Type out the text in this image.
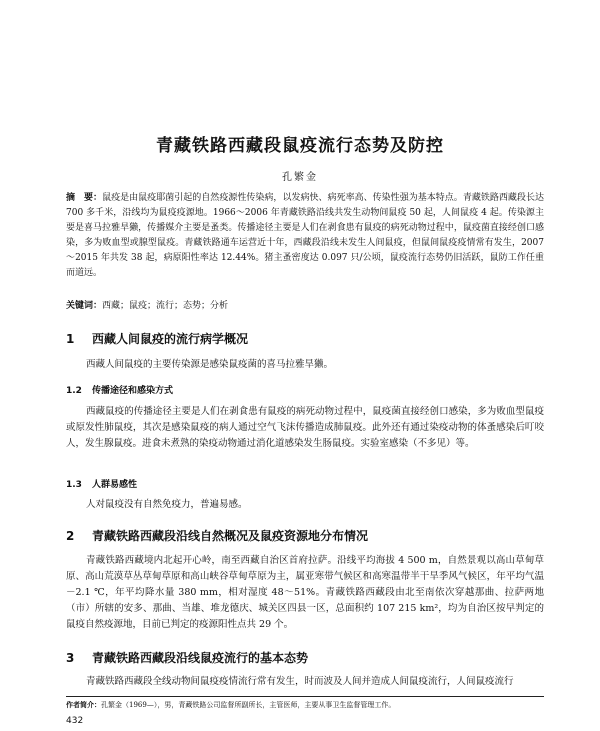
青藏铁路西藏段鼠疫流行态势及防控
孔繁金
摘　要：鼠疫是由鼠疫耶菌引起的自然疫源性传染病，以发病快、病死率高、传染性强为基本特点。青藏铁路西藏段长达 700 多千米，沿线均为鼠疫疫源地。1966～2006 年青藏铁路沿线共发生动物间鼠疫 50 起，人间鼠疫 4 起。传染源主要是喜马拉雅旱獭，传播媒介主要是蚤类。传播途径主要是人们在剥食患有鼠疫的病死动物过程中，鼠疫菌直接经创口感染，多为败血型或腺型鼠疫。青藏铁路通车运营近十年，西藏段沿线未发生人间鼠疫，但鼠间鼠疫疫情常有发生，2007～2015 年共发 38 起，病原阳性率达 12.44%。猪主蚤密度达 0.097 只/公顷，鼠疫流行态势仍旧活跃，鼠防工作任重而道远。
关键词：西藏；鼠疫；流行；态势；分析
1 西藏人间鼠疫的流行病学概况
西藏人间鼠疫的主要传染源是感染鼠疫菌的喜马拉雅旱獭。
1.2 传播途径和感染方式
西藏鼠疫的传播途径主要是人们在剥食患有鼠疫的病死动物过程中，鼠疫菌直接经创口感染，多为败血型鼠疫或原发性肺鼠疫，其次是感染鼠疫的病人通过空气飞沫传播造成肺鼠疫。此外还有通过染疫动物的体蚤感染后叮咬人，发生腺鼠疫。进食未煮熟的染疫动物通过消化道感染发生肠鼠疫。实验室感染（不多见）等。
1.3 人群易感性
人对鼠疫没有自然免疫力，普遍易感。
2 青藏铁路西藏段沿线自然概况及鼠疫资源地分布情况
青藏铁路西藏境内北起开心岭，南至西藏自治区首府拉萨。沿线平均海拔 4 500 m，自然景观以高山草甸草原、高山荒漠草丛草甸草原和高山峡谷草甸草原为主，属亚寒带气候区和高寒温带半干旱季风气候区，年平均气温－2.1 ℃，年平均降水量 380 mm，相对湿度 48～51%。青藏铁路西藏段由北至南依次穿越那曲、拉萨两地（市）所辖的安多、那曲、当雄、堆龙德庆、城关区四县一区，总面积约 107 215 km²，均为自治区按早判定的鼠疫自然疫源地，目前已判定的疫源阳性点共 29 个。
3 青藏铁路西藏段沿线鼠疫流行的基本态势
青藏铁路西藏段全线动物间鼠疫疫情流行常有发生，时而波及人间并造成人间鼠疫流行，人间鼠疫流行
作者简介：孔繁金（1969—），男，青藏铁路公司监督所副所长，主管医师，主要从事卫生监督管理工作。
432
